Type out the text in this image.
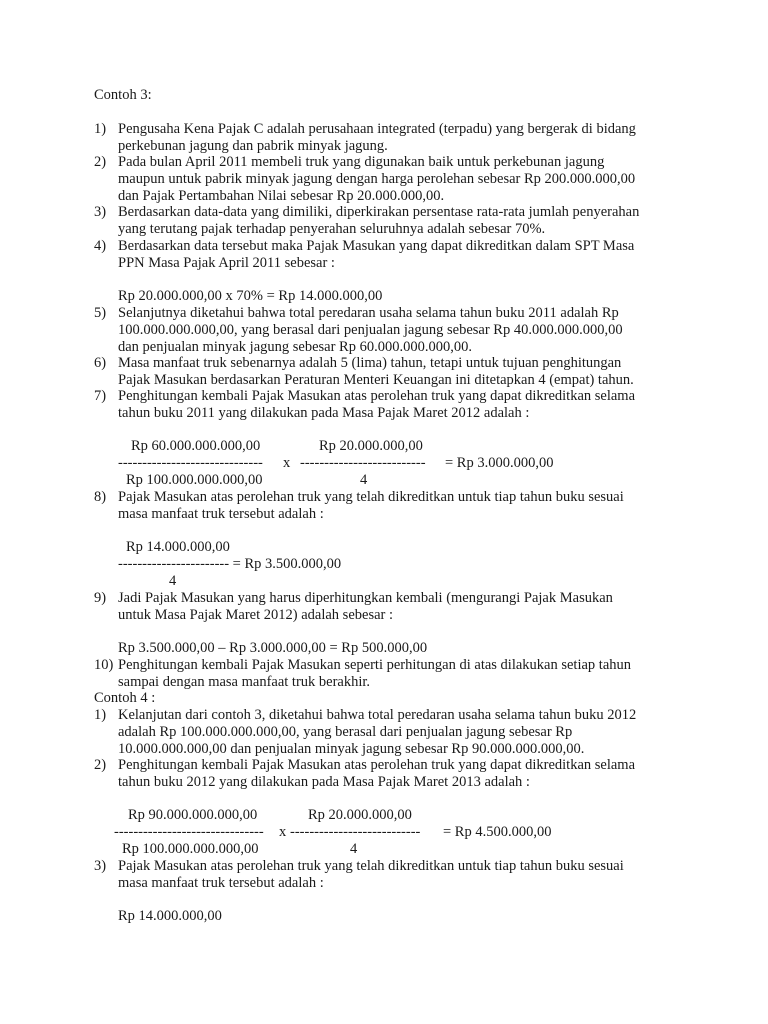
Contoh 3:
1) Pengusaha Kena Pajak C adalah perusahaan integrated (terpadu) yang bergerak di bidang
perkebunan jagung dan pabrik minyak jagung.
2) Pada bulan April 2011 membeli truk yang digunakan baik untuk perkebunan jagung
maupun untuk pabrik minyak jagung dengan harga perolehan sebesar Rp 200.000.000,00
dan Pajak Pertambahan Nilai sebesar Rp 20.000.000,00.
3) Berdasarkan data-data yang dimiliki, diperkirakan persentase rata-rata jumlah penyerahan
yang terutang pajak terhadap penyerahan seluruhnya adalah sebesar 70%.
4) Berdasarkan data tersebut maka Pajak Masukan yang dapat dikreditkan dalam SPT Masa
PPN Masa Pajak April 2011 sebesar :
Rp 20.000.000,00 x 70% = Rp 14.000.000,00
5) Selanjutnya diketahui bahwa total peredaran usaha selama tahun buku 2011 adalah Rp
100.000.000.000,00, yang berasal dari penjualan jagung sebesar Rp 40.000.000.000,00
dan penjualan minyak jagung sebesar Rp 60.000.000.000,00.
6) Masa manfaat truk sebenarnya adalah 5 (lima) tahun, tetapi untuk tujuan penghitungan
Pajak Masukan berdasarkan Peraturan Menteri Keuangan ini ditetapkan 4 (empat) tahun.
7) Penghitungan kembali Pajak Masukan atas perolehan truk yang dapat dikreditkan selama
tahun buku 2011 yang dilakukan pada Masa Pajak Maret 2012 adalah :
Rp 60.000.000.000,00	Rp 20.000.000,00
------------------------------ x -------------------------- = Rp 3.000.000,00
Rp 100.000.000.000,00	4
8) Pajak Masukan atas perolehan truk yang telah dikreditkan untuk tiap tahun buku sesuai
masa manfaat truk tersebut adalah :
Rp 14.000.000,00
----------------------- = Rp 3.500.000,00
4
9) Jadi Pajak Masukan yang harus diperhitungkan kembali (mengurangi Pajak Masukan
untuk Masa Pajak Maret 2012) adalah sebesar :
Rp 3.500.000,00 – Rp 3.000.000,00 = Rp 500.000,00
10) Penghitungan kembali Pajak Masukan seperti perhitungan di atas dilakukan setiap tahun
sampai dengan masa manfaat truk berakhir.
Contoh 4 :
1) Kelanjutan dari contoh 3, diketahui bahwa total peredaran usaha selama tahun buku 2012
adalah Rp 100.000.000.000,00, yang berasal dari penjualan jagung sebesar Rp
10.000.000.000,00 dan penjualan minyak jagung sebesar Rp 90.000.000.000,00.
2) Penghitungan kembali Pajak Masukan atas perolehan truk yang dapat dikreditkan selama
tahun buku 2012 yang dilakukan pada Masa Pajak Maret 2013 adalah :
Rp 90.000.000.000,00	Rp 20.000.000,00
------------------------------- x --------------------------- = Rp 4.500.000,00
Rp 100.000.000.000,00	4
3) Pajak Masukan atas perolehan truk yang telah dikreditkan untuk tiap tahun buku sesuai
masa manfaat truk tersebut adalah :
Rp 14.000.000,00
